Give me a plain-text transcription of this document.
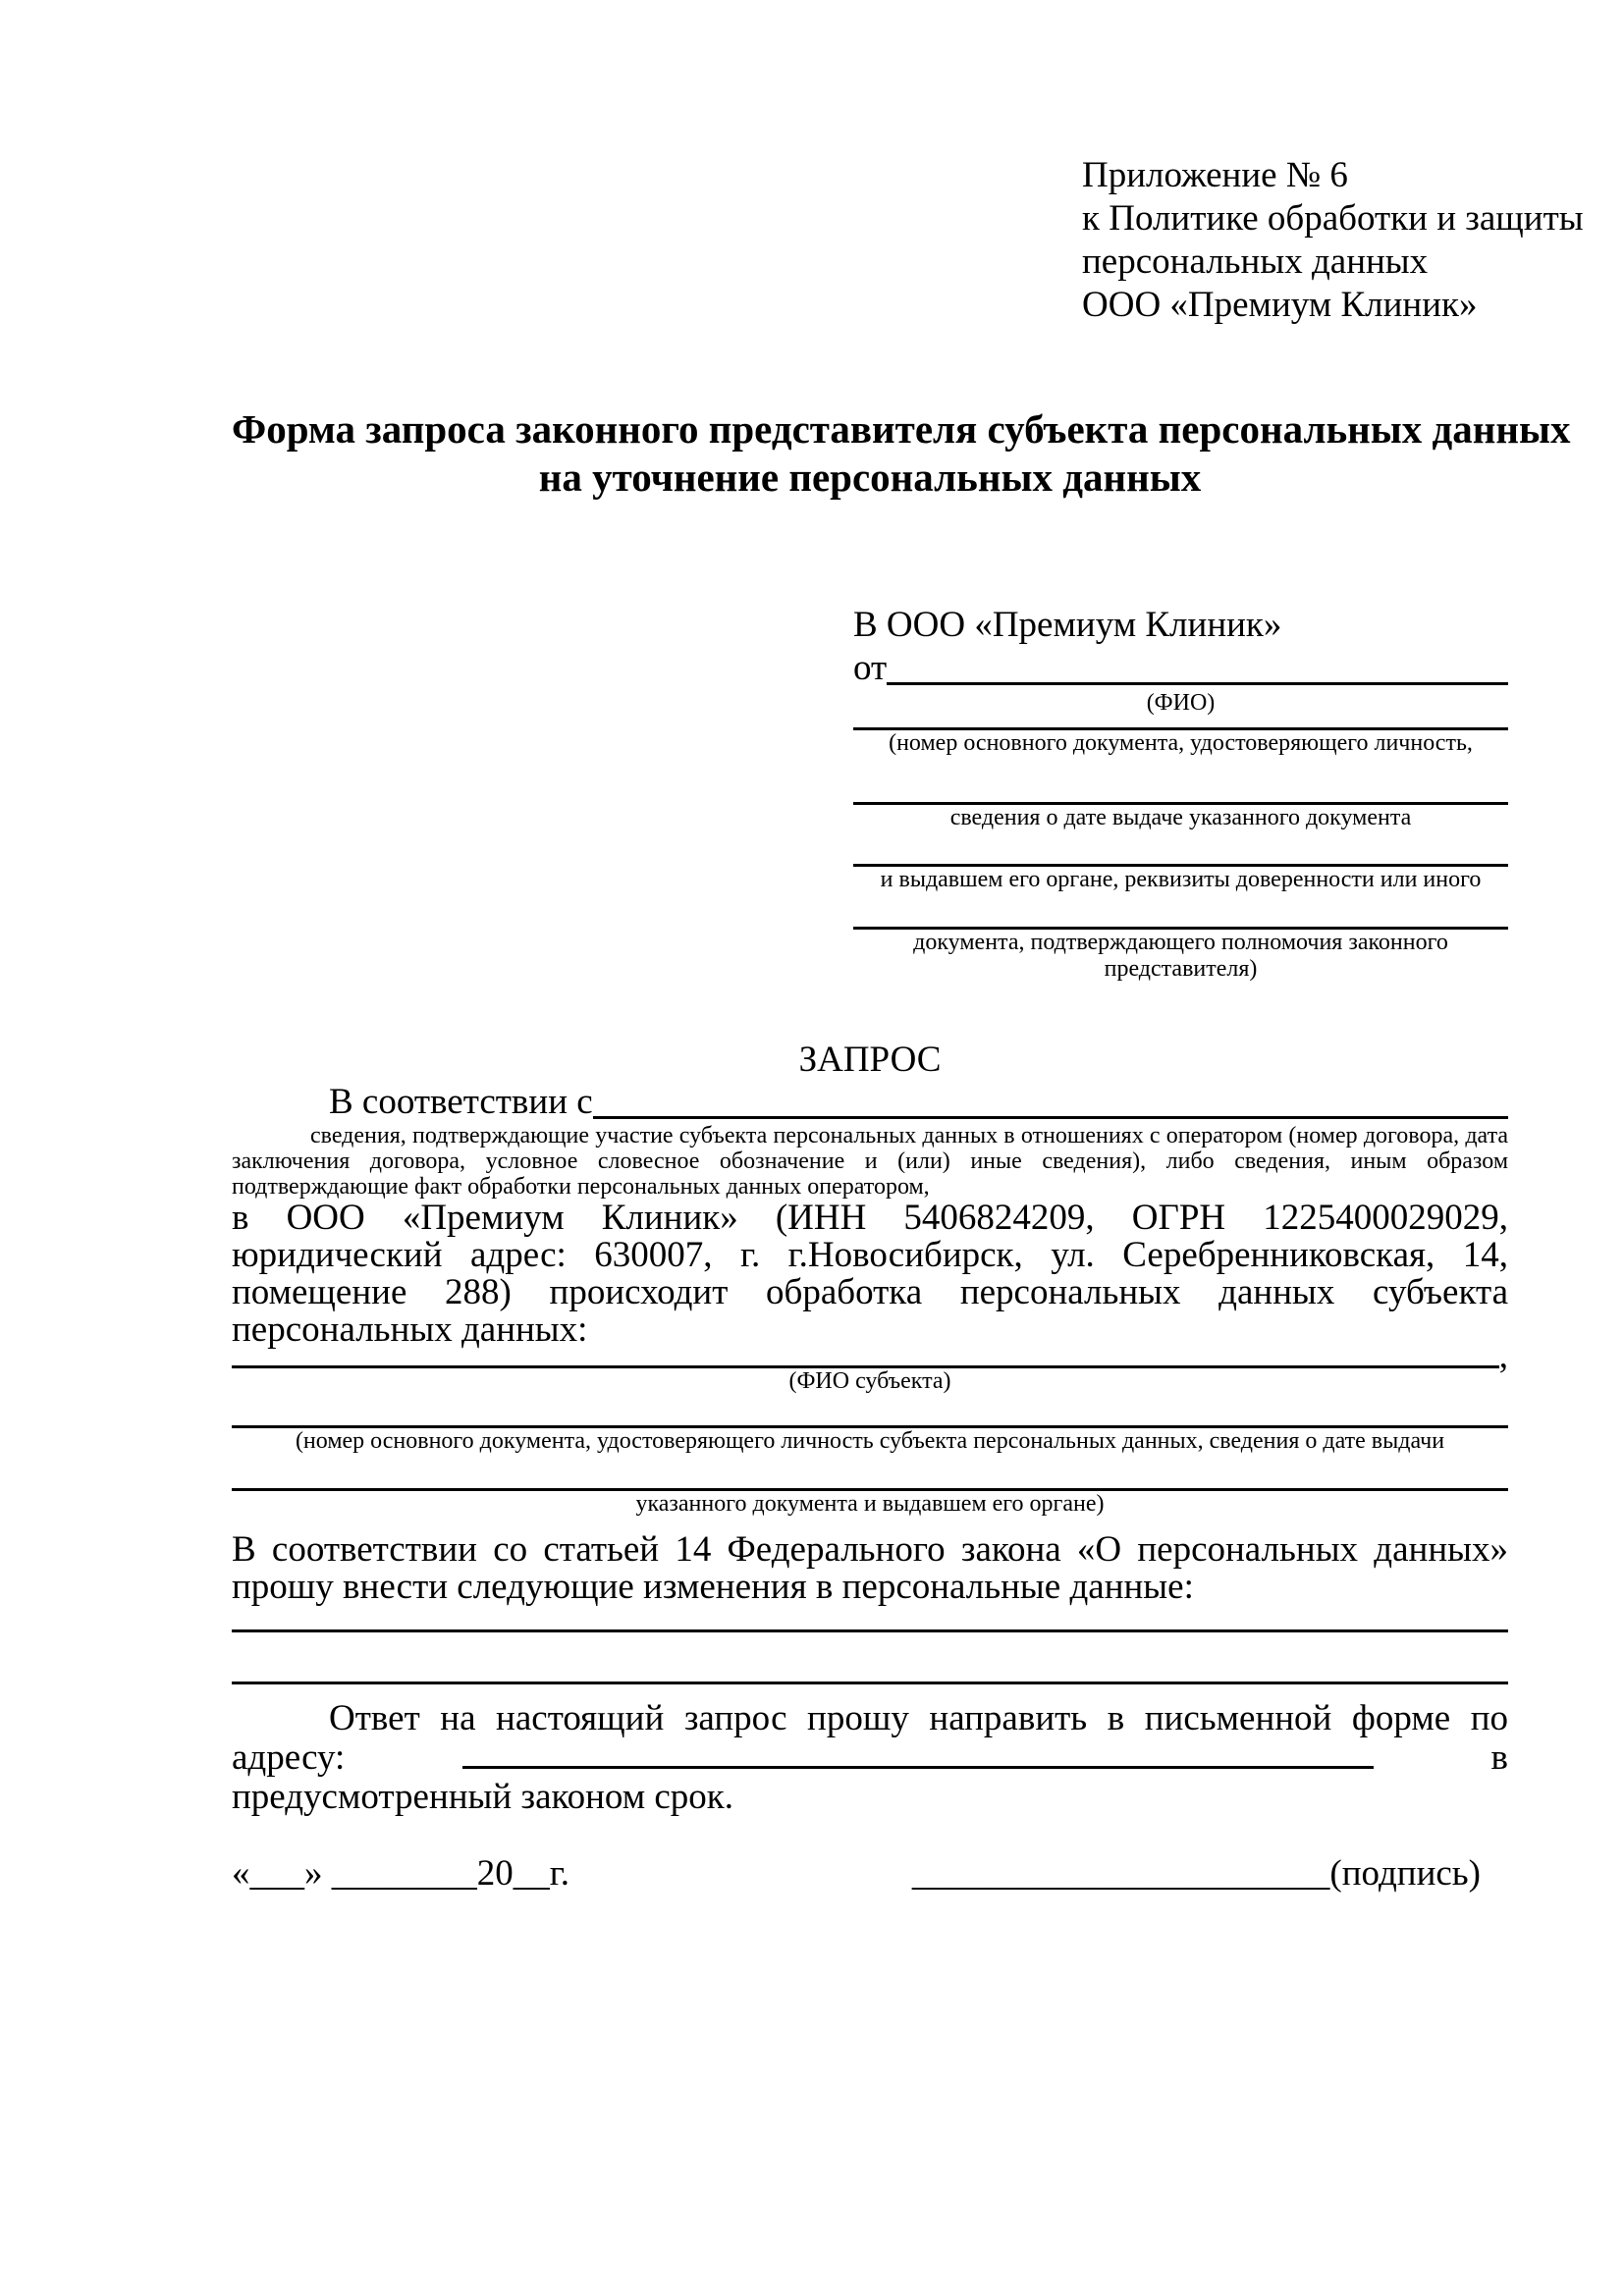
Приложение № 6
к Политике обработки и защиты
персональных данных
ООО «Премиум Клиник»
Форма запроса законного представителя субъекта персональных данных
на уточнение персональных данных
В ООО «Премиум Клиник»
от
(ФИО)
(номер основного документа, удостоверяющего личность,
сведения о дате выдаче указанного документа
и выдавшем его органе, реквизиты доверенности или иного
документа, подтверждающего полномочия законного представителя)
ЗАПРОС
В соответствии с
сведения, подтверждающие участие субъекта персональных данных в отношениях с оператором (номер договора, дата заключения договора, условное словесное обозначение и (или) иные сведения), либо сведения, иным образом подтверждающие факт обработки персональных данных оператором,
в ООО «Премиум Клиник» (ИНН 5406824209, ОГРН 1225400029029, юридический адрес: 630007, г. г.Новосибирск, ул. Серебренниковская, 14, помещение 288) происходит обработка персональных данных субъекта персональных данных:
,
(ФИО субъекта)
(номер основного документа, удостоверяющего личность субъекта персональных данных, сведения о дате выдачи
указанного документа и выдавшем его органе)
В соответствии со статьей 14 Федерального закона «О персональных данных» прошу внести следующие изменения в персональные данные:
Ответ на настоящий запрос прошу направить в письменной форме по адресу:	в предусмотренный законом срок.
«___» ________20__г.	_______________________(подпись)
